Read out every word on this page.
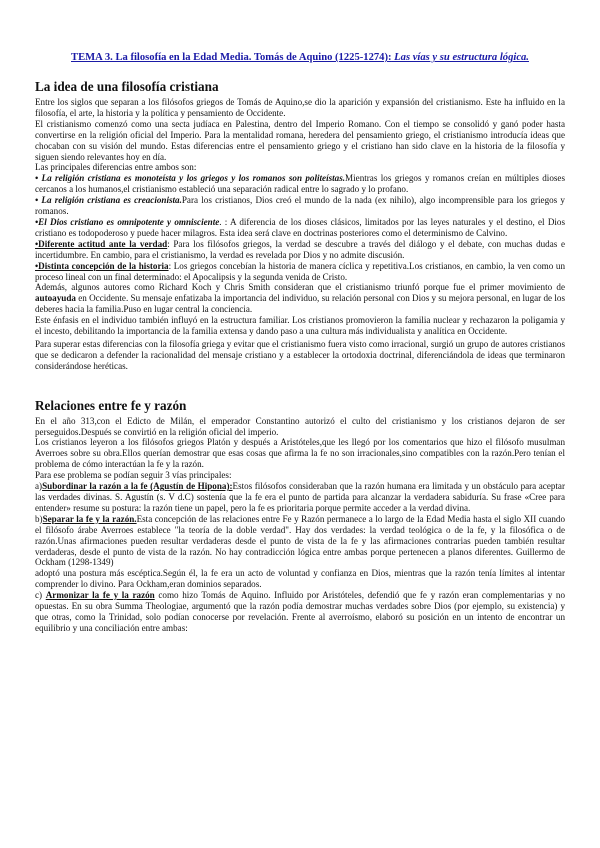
TEMA 3. La filosofía en la Edad Media. Tomás de Aquino (1225-1274): Las vías y su estructura lógica.
La idea de una filosofía cristiana

Entre los siglos que separan a los filósofos griegos de Tomás de Aquino,se dio la aparición y expansión del cristianismo. Este ha influido en la filosofía, el arte, la historia y la política y pensamiento de Occidente.

El cristianismo comenzó como una secta judíaca en Palestina, dentro del Imperio Romano. Con el tiempo se consolidó y ganó poder hasta convertirse en la religión oficial del Imperio. Para la mentalidad romana, heredera del pensamiento griego, el cristianismo introducía ideas que chocaban con su visión del mundo. Estas diferencias entre el pensamiento griego y el cristiano han sido clave en la historia de la filosofía y siguen siendo relevantes hoy en día.

Las principales diferencias entre ambos son:

• La religión cristiana es monoteísta y los griegos y los romanos son politeístas.Mientras los griegos y romanos creían en múltiples dioses cercanos a los humanos,el cristianismo estableció una separación radical entre lo sagrado y lo profano.

• La religión cristiana es creacionista.Para los cristianos, Dios creó el mundo de la nada (ex nihilo), algo incomprensible para los griegos y romanos.

•El Dios cristiano es omnipotente y omnisciente. : A diferencia de los dioses clásicos, limitados por las leyes naturales y el destino, el Dios cristiano es todopoderoso y puede hacer milagros. Esta idea será clave en doctrinas posteriores como el determinismo de Calvino.

•Diferente actitud ante la verdad: Para los filósofos griegos, la verdad se descubre a través del diálogo y el debate, con muchas dudas e incertidumbre. En cambio, para el cristianismo, la verdad es revelada por Dios y no admite discusión.

•Distinta concepción de la historia: Los griegos concebían la historia de manera cíclica y repetitiva.Los cristianos, en cambio, la ven como un proceso lineal con un final determinado: el Apocalipsis y la segunda venida de Cristo.

Además, algunos autores como Richard Koch y Chris Smith consideran que el cristianismo triunfó porque fue el primer movimiento de autoayuda en Occidente. Su mensaje enfatizaba la importancia del individuo, su relación personal con Dios y su mejora personal, en lugar de los deberes hacia la familia.Puso en lugar central la conciencia.

Este énfasis en el individuo también influyó en la estructura familiar. Los cristianos promovieron la familia nuclear y rechazaron la poligamia y el incesto, debilitando la importancia de la familia extensa y dando paso a una cultura más individualista y analítica en Occidente.

Para superar estas diferencias con la filosofía griega y evitar que el cristianismo fuera visto como irracional, surgió un grupo de autores cristianos que se dedicaron a defender la racionalidad del mensaje cristiano y a establecer la ortodoxia doctrinal, diferenciándola de ideas que terminaron considerándose heréticas.

Relaciones entre fe y razón

En el año 313,con el Edicto de Milán, el emperador Constantino autorizó el culto del cristianismo y los cristianos dejaron de ser perseguidos.Después se convirtió en la religión oficial del imperio.

Los cristianos leyeron a los filósofos griegos Platón y después a Aristóteles,que les llegó por los comentarios que hizo el filósofo musulman Averroes sobre su obra.Ellos querían demostrar que esas cosas que afirma la fe no son irracionales,sino compatibles con la razón.Pero tenían el problema de cómo interactúan la fe y la razón.

Para ese problema se podían seguir 3 vías principales:

a)Subordinar la razón a la fe (Agustín de Hipona):Estos filósofos consideraban que la razón humana era limitada y un obstáculo para aceptar las verdades divinas. S. Agustín (s. V d.C) sostenía que la fe era el punto de partida para alcanzar la verdadera sabiduría. Su frase «Cree para entender» resume su postura: la razón tiene un papel, pero la fe es prioritaria porque permite acceder a la verdad divina.

b)Separar la fe y la razón.Esta concepción de las relaciones entre Fe y Razón permanece a lo largo de la Edad Media hasta el siglo XII cuando el filósofo árabe Averroes establece "la teoría de la doble verdad". Hay dos verdades: la verdad teológica o de la fe, y la filosófica o de razón.Unas afirmaciones pueden resultar verdaderas desde el punto de vista de la fe y las afirmaciones contrarias pueden también resultar verdaderas, desde el punto de vista de la razón. No hay contradicción lógica entre ambas porque pertenecen a planos diferentes. Guillermo de Ockham (1298-1349)

adoptó una postura más escéptica.Según él, la fe era un acto de voluntad y confianza en Dios, mientras que la razón tenía límites al intentar comprender lo divino. Para Ockham,eran dominios separados.

c) Armonizar la fe y la razón como hizo Tomás de Aquino. Influido por Aristóteles, defendió que fe y razón eran complementarias y no opuestas. En su obra Summa Theologiae, argumentó que la razón podía demostrar muchas verdades sobre Dios (por ejemplo, su existencia) y que otras, como la Trinidad, solo podían conocerse por revelación. Frente al averroísmo, elaboró su posición en un intento de encontrar un equilibrio y una conciliación entre ambas:
